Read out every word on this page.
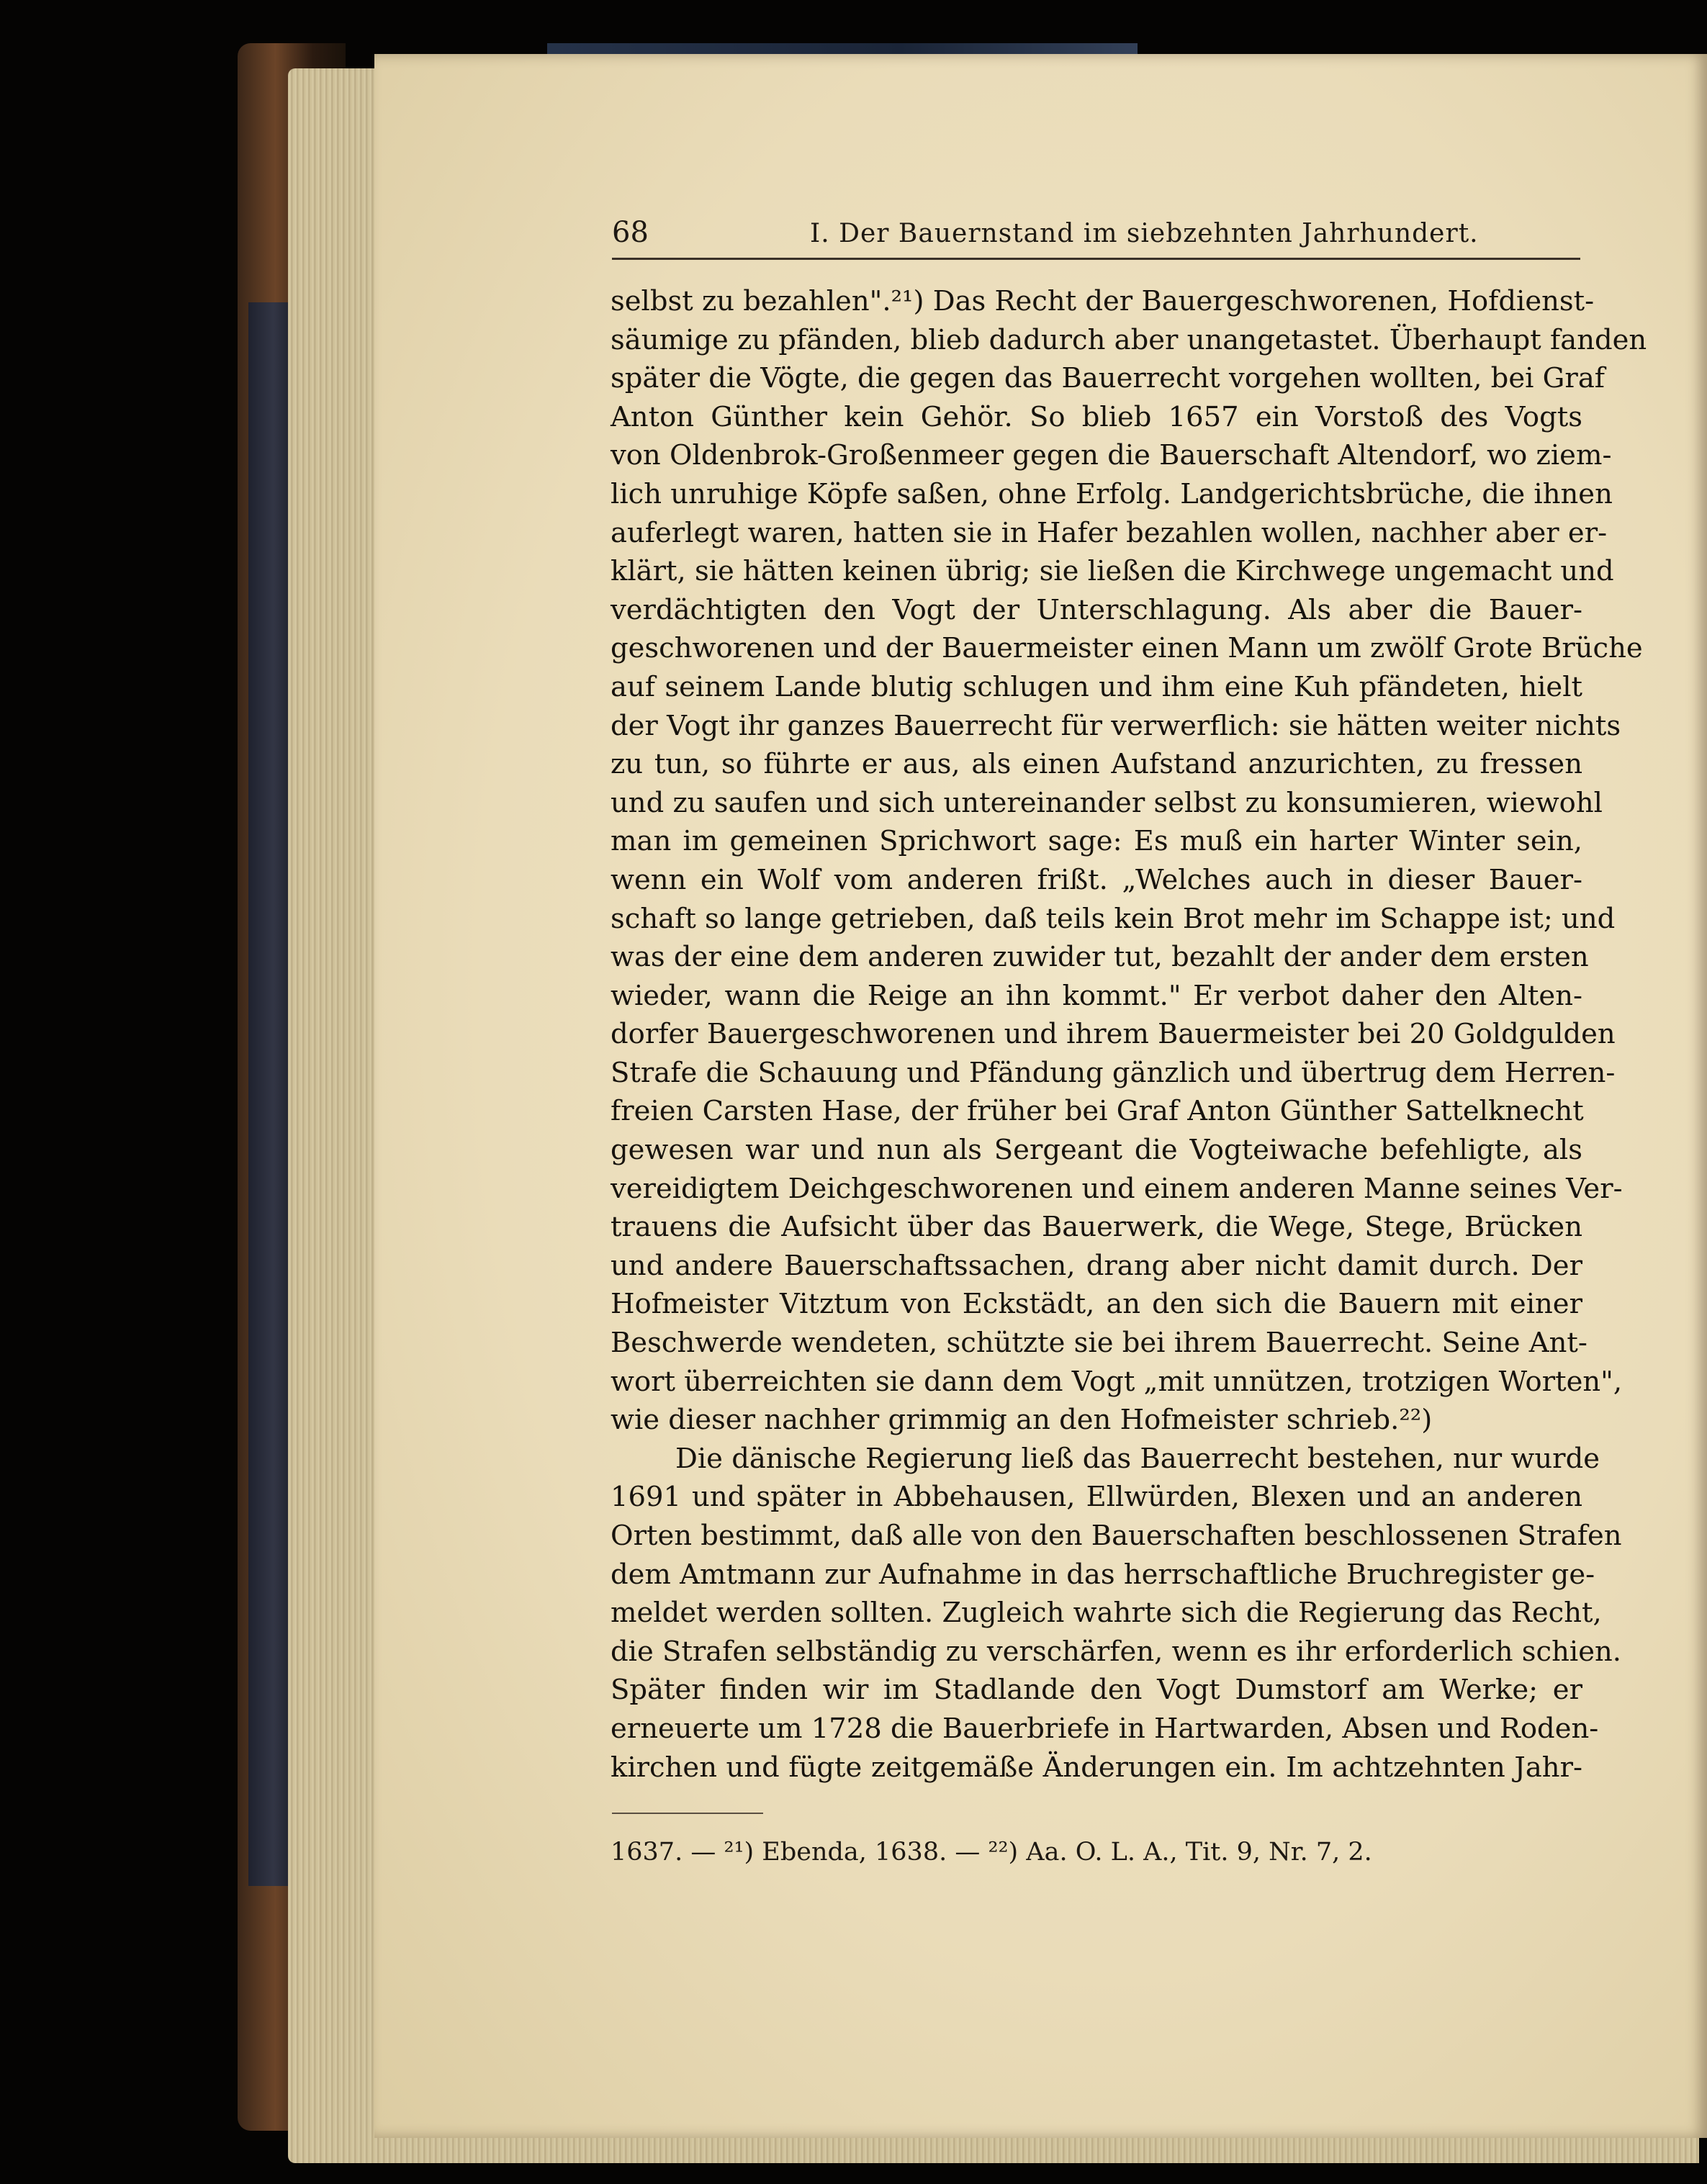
68	I. Der Bauernstand im siebzehnten Jahrhundert.
selbst zu bezahlen".²¹) Das Recht der Bauergeschworenen, Hofdienst-
säumige zu pfänden, blieb dadurch aber unangetastet. Überhaupt fanden
später die Vögte, die gegen das Bauerrecht vorgehen wollten, bei Graf
Anton Günther kein Gehör. So blieb 1657 ein Vorstoß des Vogts
von Oldenbrok-Großenmeer gegen die Bauerschaft Altendorf, wo ziem-
lich unruhige Köpfe saßen, ohne Erfolg. Landgerichtsbrüche, die ihnen
auferlegt waren, hatten sie in Hafer bezahlen wollen, nachher aber er-
klärt, sie hätten keinen übrig; sie ließen die Kirchwege ungemacht und
verdächtigten den Vogt der Unterschlagung. Als aber die Bauer-
geschworenen und der Bauermeister einen Mann um zwölf Grote Brüche
auf seinem Lande blutig schlugen und ihm eine Kuh pfändeten, hielt
der Vogt ihr ganzes Bauerrecht für verwerflich: sie hätten weiter nichts
zu tun, so führte er aus, als einen Aufstand anzurichten, zu fressen
und zu saufen und sich untereinander selbst zu konsumieren, wiewohl
man im gemeinen Sprichwort sage: Es muß ein harter Winter sein,
wenn ein Wolf vom anderen frißt. „Welches auch in dieser Bauer-
schaft so lange getrieben, daß teils kein Brot mehr im Schappe ist; und
was der eine dem anderen zuwider tut, bezahlt der ander dem ersten
wieder, wann die Reige an ihn kommt." Er verbot daher den Alten-
dorfer Bauergeschworenen und ihrem Bauermeister bei 20 Goldgulden
Strafe die Schauung und Pfändung gänzlich und übertrug dem Herren-
freien Carsten Hase, der früher bei Graf Anton Günther Sattelknecht
gewesen war und nun als Sergeant die Vogteiwache befehligte, als
vereidigtem Deichgeschworenen und einem anderen Manne seines Ver-
trauens die Aufsicht über das Bauerwerk, die Wege, Stege, Brücken
und andere Bauerschaftssachen, drang aber nicht damit durch. Der
Hofmeister Vitztum von Eckstädt, an den sich die Bauern mit einer
Beschwerde wendeten, schützte sie bei ihrem Bauerrecht. Seine Ant-
wort überreichten sie dann dem Vogt „mit unnützen, trotzigen Worten",
wie dieser nachher grimmig an den Hofmeister schrieb.²²)
Die dänische Regierung ließ das Bauerrecht bestehen, nur wurde
1691 und später in Abbehausen, Ellwürden, Blexen und an anderen
Orten bestimmt, daß alle von den Bauerschaften beschlossenen Strafen
dem Amtmann zur Aufnahme in das herrschaftliche Bruchregister ge-
meldet werden sollten. Zugleich wahrte sich die Regierung das Recht,
die Strafen selbständig zu verschärfen, wenn es ihr erforderlich schien.
Später finden wir im Stadlande den Vogt Dumstorf am Werke; er
erneuerte um 1728 die Bauerbriefe in Hartwarden, Absen und Roden-
kirchen und fügte zeitgemäße Änderungen ein. Im achtzehnten Jahr-
1637. — ²¹) Ebenda, 1638. — ²²) Aa. O. L. A., Tit. 9, Nr. 7, 2.
